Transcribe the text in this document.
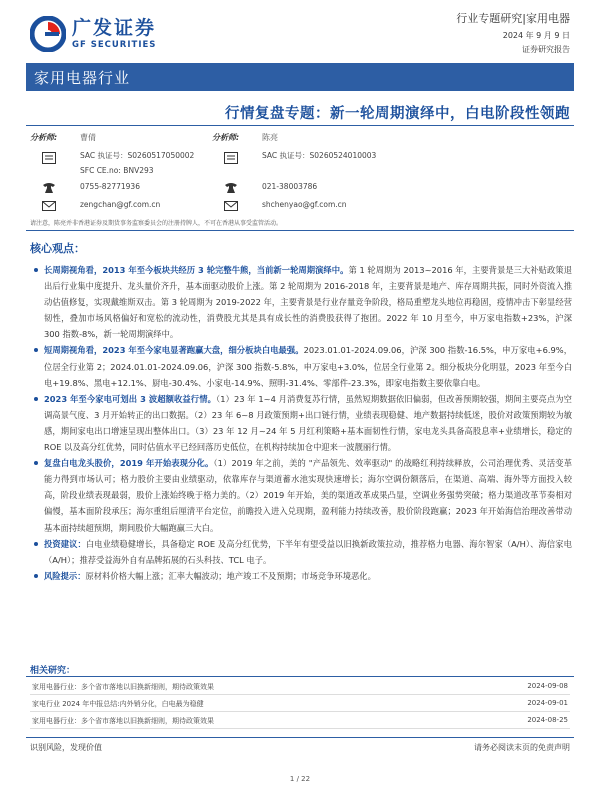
广发证券
GF SECURITIES
行业专题研究|家用电器
2024 年 9 月 9 日
证券研究报告
家用电器行业
行情复盘专题：新一轮周期演绎中，白电阶段性领跑
分析师:	曹倩
SAC 执证号：S0260517050002
SFC CE.no: BNV293
0755-82771936
zengchan@gf.com.cn
分析师:	陈亮
SAC 执证号：S0260524010003
021-38003786
shchenyao@gf.com.cn
请注意，陈亮并非香港证券及期货事务监察委员会的注册持牌人，不可在香港从事受监管活动。
核心观点：
长周期视角看，2013 年至今板块共经历 3 轮完整牛熊，当前新一轮周期演绎中。第 1 轮周期为 2013~2016 年，主要背景是三大补贴政策退出后行业集中度提升、龙头量价齐升，基本面驱动股价上涨。第 2 轮周期为 2016-2018 年，主要背景是地产、库存周期共振，同时外资流入推动估值修复，实现戴维斯双击。第 3 轮周期为 2019-2022 年，主要背景是行业存量竞争阶段，格局重塑龙头地位再稳固，疫情冲击下彰显经营韧性，叠加市场风格偏好和宽松的流动性，消费股尤其是具有成长性的消费股获得了抱团。2022 年 10 月至今，申万家电指数+23%，沪深 300 指数-8%，新一轮周期演绎中。
短周期视角看，2023 年至今家电显著跑赢大盘，细分板块白电最强。2023.01.01-2024.09.06，沪深 300 指数-16.5%，申万家电+6.9%，位居全行业第 2；2024.01.01-2024.09.06，沪深 300 指数-5.8%，申万家电+3.0%，位居全行业第 2。细分板块分化明显，2023 年至今白电+19.8%、黑电+12.1%、厨电-30.4%、小家电-14.9%、照明-31.4%、零部件-23.3%，即家电指数主要依靠白电。
2023 年至今家电可划出 3 波超额收益行情。（1）23 年 1~4 月消费复苏行情，虽然短期数据依旧偏弱，但改善预期较强，期间主要亮点为空调高景气度、3 月开始转正的出口数据。（2）23 年 6~8 月政策预期+出口链行情，业绩表现稳健、地产数据持续低迷，股价对政策预期较为敏感，期间家电出口增速呈现出整体出口。（3）23 年 12 月~24 年 5 月红利策略+基本面韧性行情，家电龙头具备高股息率+业绩增长，稳定的 ROE 以及高分红优势，同时估值水平已经回落历史低位，在机构持续加仓中迎来一波靓丽行情。
复盘白电龙头股价，2019 年开始表现分化。（1）2019 年之前，美的 "产品领先、效率驱动" 的战略红利持续释放，公司治理优秀、灵活变革能力得到市场认可；格力股价主要由业绩驱动，依靠库存与渠道蓄水池实现快速增长；海尔空调份额落后，在渠道、高端、海外等方面投入较高，阶段业绩表现最弱，股价上涨始终晚于格力美的。（2）2019 年开始，美的渠道改革成果凸显，空调业务强势突破；格力渠道改革节奏相对偏慢，基本面阶段承压；海尔重组后厘清平台定位，前瞻投入进入兑现期，盈利能力持续改善，股价阶段跑赢；2023 年开始海信治理改善带动基本面持续超预期，期间股价大幅跑赢三大白。
投资建议：白电业绩稳健增长，具备稳定 ROE 及高分红优势，下半年有望受益以旧换新政策拉动，推荐格力电器、海尔智家（A/H）、海信家电（A/H）；推荐受益海外自有品牌拓展的石头科技、TCL 电子。
风险提示：原材料价格大幅上涨；汇率大幅波动；地产竣工不及预期；市场竞争环境恶化。
相关研究：
家用电器行业：多个省市落地以旧换新细则，期待政策效果	2024-09-08
家电行业 2024 年中报总结:内外销分化，白电最为稳健	2024-09-01
家用电器行业：多个省市落地以旧换新细则，期待政策效果	2024-08-25
识别风险，发现价值	请务必阅读末页的免责声明
1 / 22
